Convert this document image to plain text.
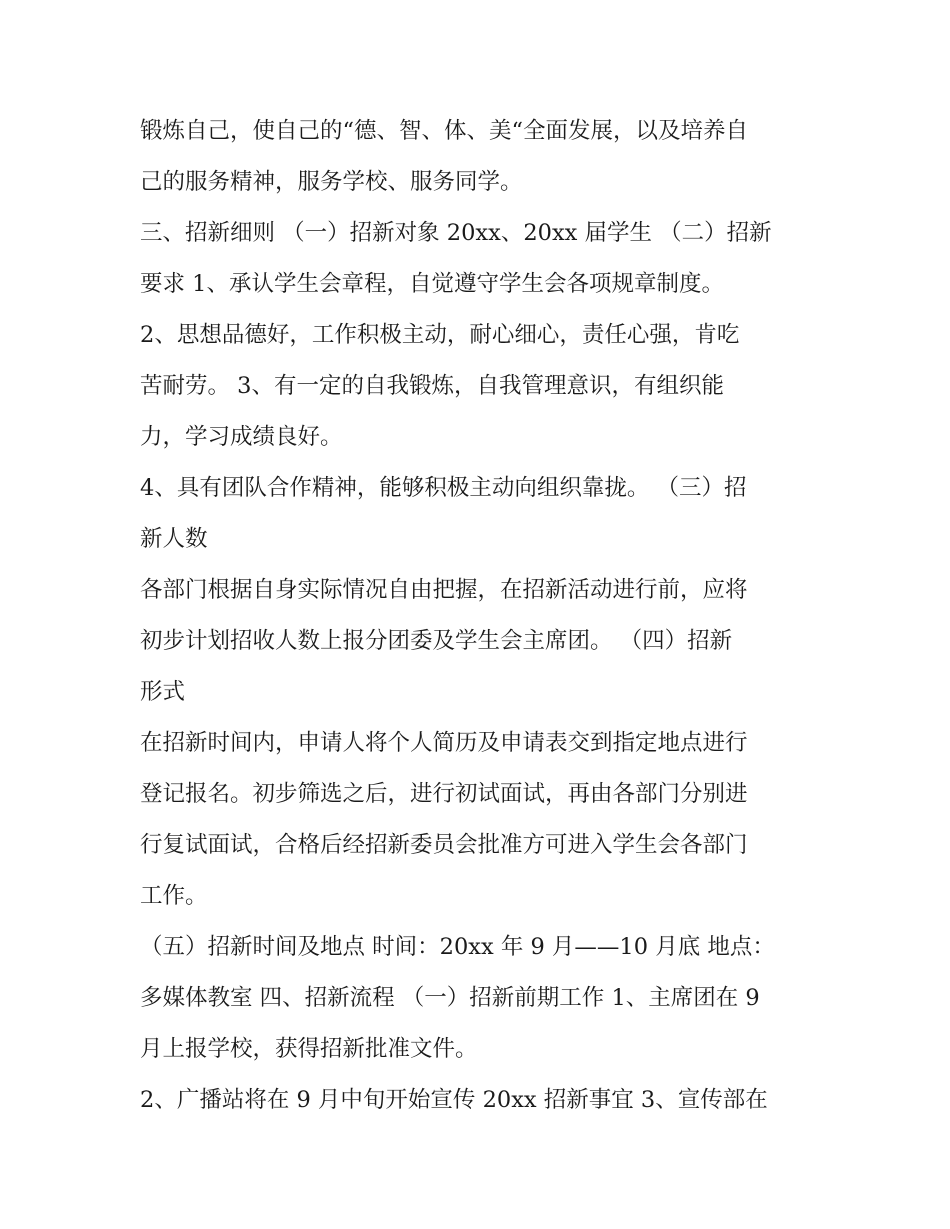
锻炼自己，使自己的“德、智、体、美“全面发展，以及培养自
己的服务精神，服务学校、服务同学。
三、招新细则 （一）招新对象 20xx、20xx 届学生 （二）招新
要求 1、承认学生会章程，自觉遵守学生会各项规章制度。
2、思想品德好，工作积极主动，耐心细心，责任心强，肯吃
苦耐劳。 3、有一定的自我锻炼，自我管理意识，有组织能
力，学习成绩良好。
4、具有团队合作精神，能够积极主动向组织靠拢。 （三）招
新人数
各部门根据自身实际情况自由把握，在招新活动进行前，应将
初步计划招收人数上报分团委及学生会主席团。 （四）招新
形式
在招新时间内，申请人将个人简历及申请表交到指定地点进行
登记报名。初步筛选之后，进行初试面试，再由各部门分别进
行复试面试，合格后经招新委员会批准方可进入学生会各部门
工作。
（五）招新时间及地点 时间：20xx 年 9 月——10 月底 地点：
多媒体教室 四、招新流程 （一）招新前期工作 1、主席团在 9
月上报学校，获得招新批准文件。
2、广播站将在 9 月中旬开始宣传 20xx 招新事宜 3、宣传部在
